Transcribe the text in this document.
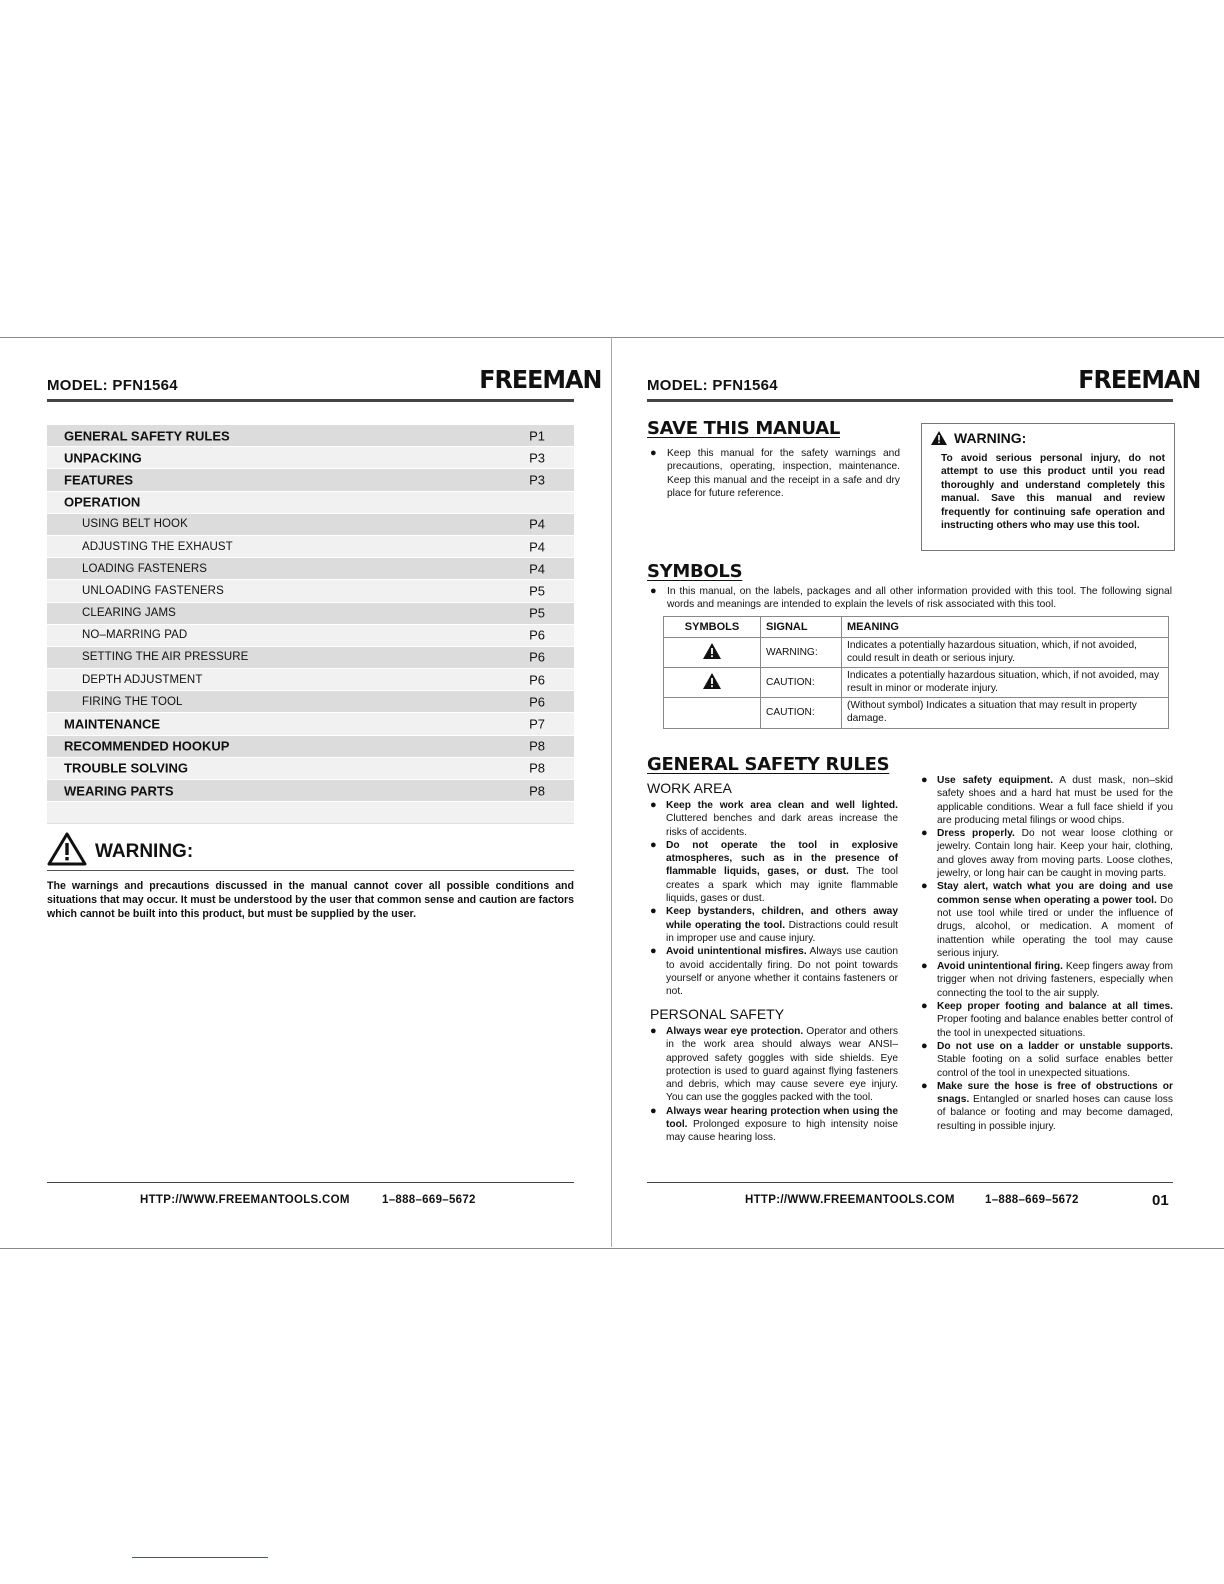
MODEL: PFN1564	FREEMAN
GENERAL SAFETY RULES	P1
UNPACKING	P3
FEATURES	P3
OPERATION
USING BELT HOOK	P4
ADJUSTING THE EXHAUST	P4
LOADING FASTENERS	P4
UNLOADING FASTENERS	P5
CLEARING JAMS	P5
NO–MARRING PAD	P6
SETTING THE AIR PRESSURE	P6
DEPTH ADJUSTMENT	P6
FIRING THE TOOL	P6
MAINTENANCE	P7
RECOMMENDED HOOKUP	P8
TROUBLE SOLVING	P8
WEARING PARTS	P8
WARNING:
The warnings and precautions discussed in the manual cannot cover all possible conditions and situations that may occur. It must be understood by the user that common sense and caution are factors which cannot be built into this product, but must be supplied by the user.
HTTP://WWW.FREEMANTOOLS.COM	1–888–669–5672
MODEL: PFN1564	FREEMAN
SAVE THIS MANUAL
● Keep this manual for the safety warnings and precautions, operating, inspection, maintenance. Keep this manual and the receipt in a safe and dry place for future reference.
WARNING:
To avoid serious personal injury, do not attempt to use this product until you read thoroughly and understand completely this manual. Save this manual and review frequently for continuing safe operation and instructing others who may use this tool.
SYMBOLS
● In this manual, on the labels, packages and all other information provided with this tool. The following signal words and meanings are intended to explain the levels of risk associated with this tool.
SYMBOLS	SIGNAL	MEANING
	WARNING:	Indicates a potentially hazardous situation, which, if not avoided, could result in death or serious injury.
	CAUTION:	Indicates a potentially hazardous situation, which, if not avoided, may result in minor or moderate injury.
	CAUTION:	(Without symbol) Indicates a situation that may result in property damage.
GENERAL SAFETY RULES
WORK AREA
● Keep the work area clean and well lighted. Cluttered benches and dark areas increase the risks of accidents.
● Do not operate the tool in explosive atmospheres, such as in the presence of flammable liquids, gases, or dust. The tool creates a spark which may ignite flammable liquids, gases or dust.
● Keep bystanders, children, and others away while operating the tool. Distractions could result in improper use and cause injury.
● Avoid unintentional misfires. Always use caution to avoid accidentally firing. Do not point towards yourself or anyone whether it contains fasteners or not.
PERSONAL SAFETY
● Always wear eye protection. Operator and others in the work area should always wear ANSI–approved safety goggles with side shields. Eye protection is used to guard against flying fasteners and debris, which may cause severe eye injury. You can use the goggles packed with the tool.
● Always wear hearing protection when using the tool. Prolonged exposure to high intensity noise may cause hearing loss.
● Use safety equipment. A dust mask, non–skid safety shoes and a hard hat must be used for the applicable conditions. Wear a full face shield if you are producing metal filings or wood chips.
● Dress properly. Do not wear loose clothing or jewelry. Contain long hair. Keep your hair, clothing, and gloves away from moving parts. Loose clothes, jewelry, or long hair can be caught in moving parts.
● Stay alert, watch what you are doing and use common sense when operating a power tool. Do not use tool while tired or under the influence of drugs, alcohol, or medication. A moment of inattention while operating the tool may cause serious injury.
● Avoid unintentional firing. Keep fingers away from trigger when not driving fasteners, especially when connecting the tool to the air supply.
● Keep proper footing and balance at all times. Proper footing and balance enables better control of the tool in unexpected situations.
● Do not use on a ladder or unstable supports. Stable footing on a solid surface enables better control of the tool in unexpected situations.
● Make sure the hose is free of obstructions or snags. Entangled or snarled hoses can cause loss of balance or footing and may become damaged, resulting in possible injury.
HTTP://WWW.FREEMANTOOLS.COM	1–888–669–5672	01
